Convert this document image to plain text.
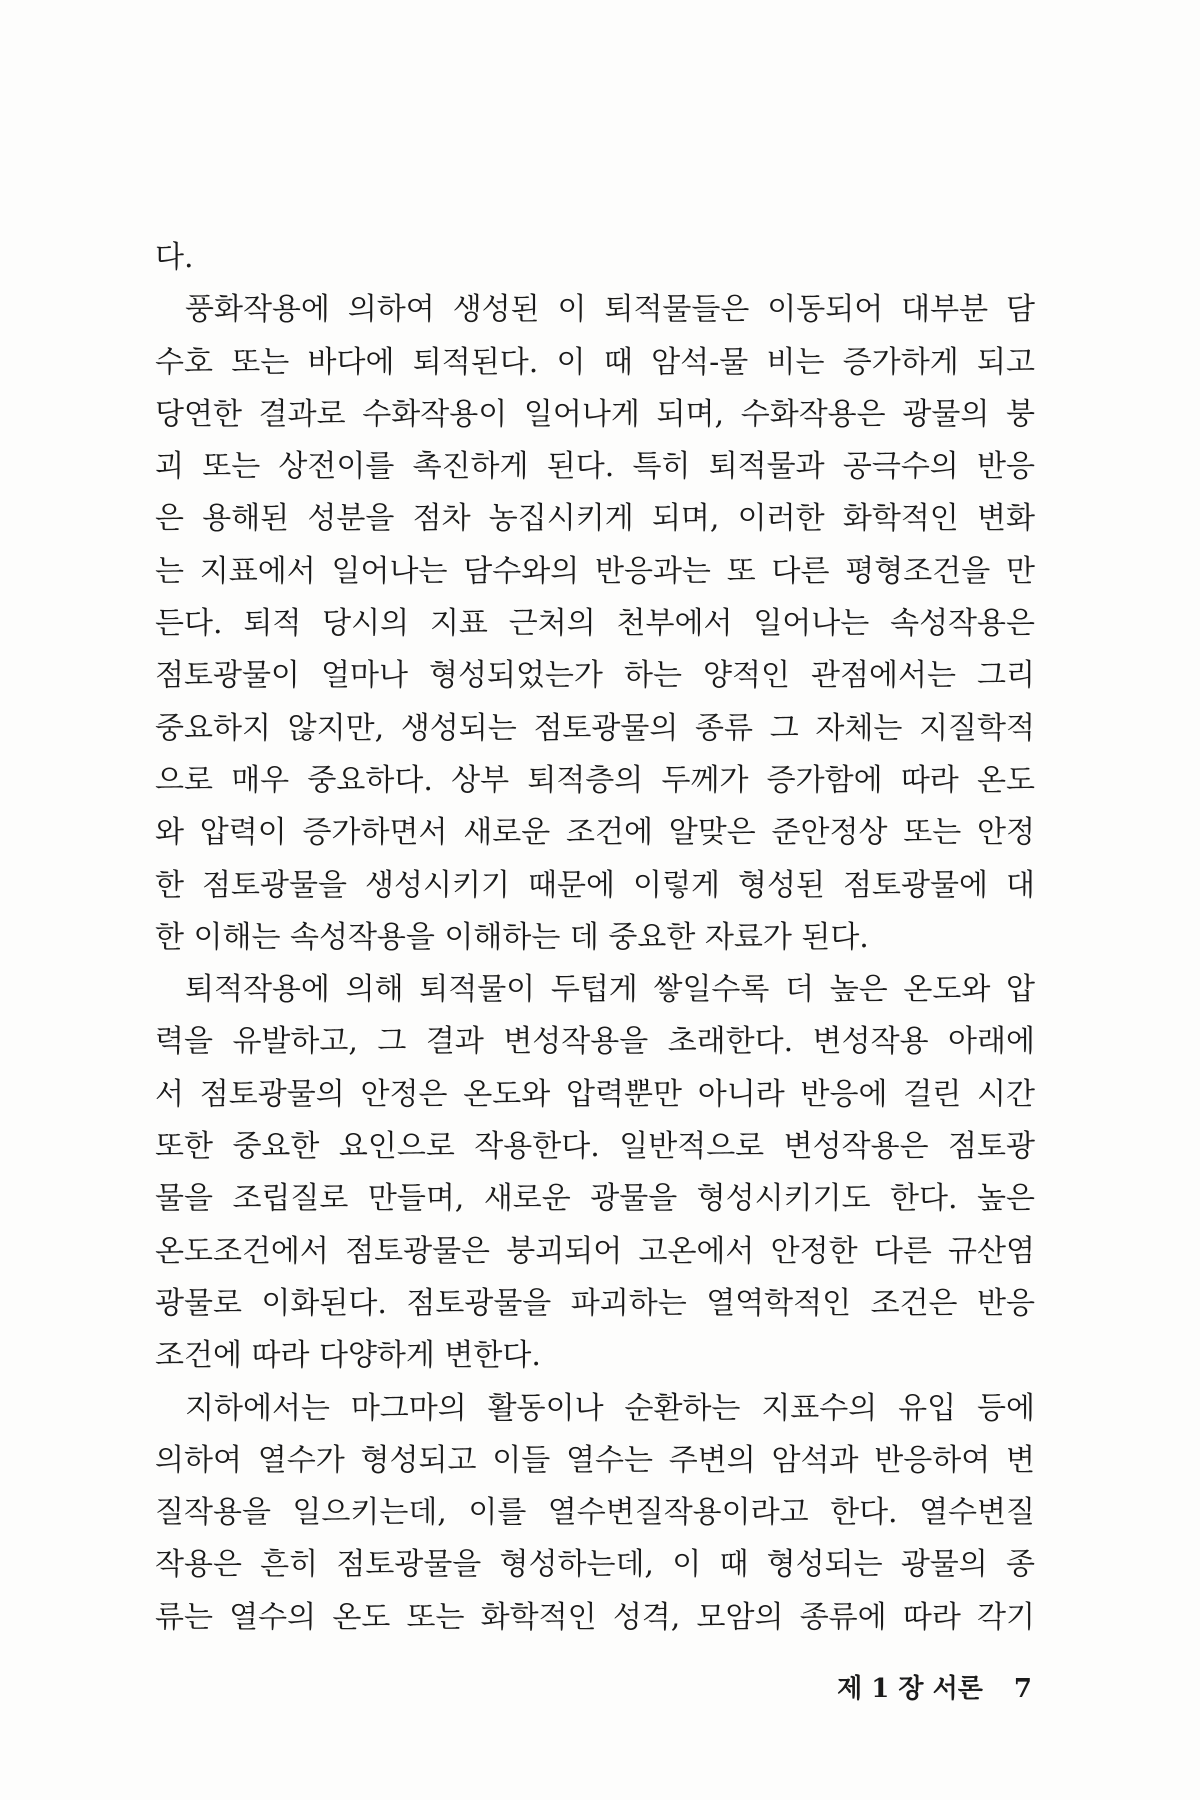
다.
풍화작용에 의하여 생성된 이 퇴적물들은 이동되어 대부분 담
수호 또는 바다에 퇴적된다. 이 때 암석-물 비는 증가하게 되고
당연한 결과로 수화작용이 일어나게 되며, 수화작용은 광물의 붕
괴 또는 상전이를 촉진하게 된다. 특히 퇴적물과 공극수의 반응
은 용해된 성분을 점차 농집시키게 되며, 이러한 화학적인 변화
는 지표에서 일어나는 담수와의 반응과는 또 다른 평형조건을 만
든다. 퇴적 당시의 지표 근처의 천부에서 일어나는 속성작용은
점토광물이 얼마나 형성되었는가 하는 양적인 관점에서는 그리
중요하지 않지만, 생성되는 점토광물의 종류 그 자체는 지질학적
으로 매우 중요하다. 상부 퇴적층의 두께가 증가함에 따라 온도
와 압력이 증가하면서 새로운 조건에 알맞은 준안정상 또는 안정
한 점토광물을 생성시키기 때문에 이렇게 형성된 점토광물에 대
한 이해는 속성작용을 이해하는 데 중요한 자료가 된다.
퇴적작용에 의해 퇴적물이 두텁게 쌓일수록 더 높은 온도와 압
력을 유발하고, 그 결과 변성작용을 초래한다. 변성작용 아래에
서 점토광물의 안정은 온도와 압력뿐만 아니라 반응에 걸린 시간
또한 중요한 요인으로 작용한다. 일반적으로 변성작용은 점토광
물을 조립질로 만들며, 새로운 광물을 형성시키기도 한다. 높은
온도조건에서 점토광물은 붕괴되어 고온에서 안정한 다른 규산염
광물로 이화된다. 점토광물을 파괴하는 열역학적인 조건은 반응
조건에 따라 다양하게 변한다.
지하에서는 마그마의 활동이나 순환하는 지표수의 유입 등에
의하여 열수가 형성되고 이들 열수는 주변의 암석과 반응하여 변
질작용을 일으키는데, 이를 열수변질작용이라고 한다. 열수변질
작용은 흔히 점토광물을 형성하는데, 이 때 형성되는 광물의 종
류는 열수의 온도 또는 화학적인 성격, 모암의 종류에 따라 각기
제 1 장 서론 7
